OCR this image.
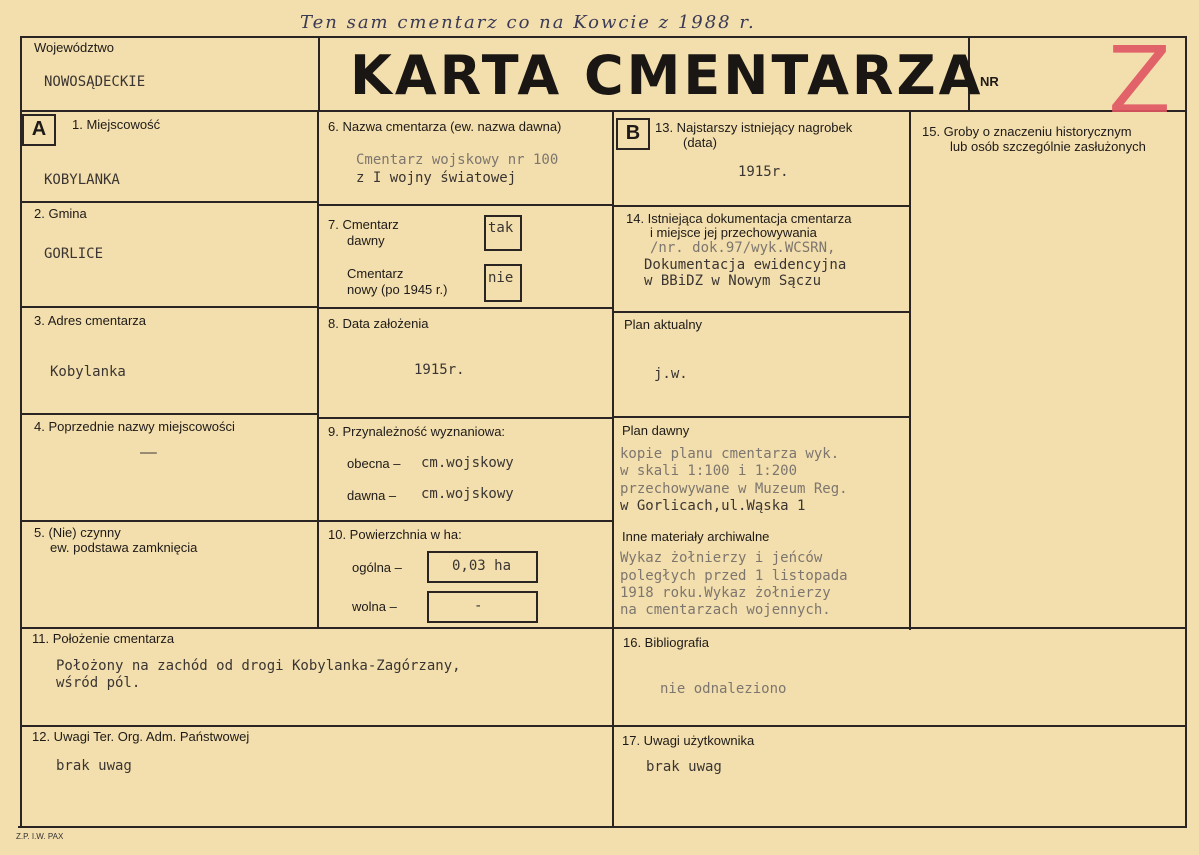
Ten sam cmentarz co na Kowcie z 1988 r.
Województwo
NOWOSĄDECKIE	KARTA CMENTARZA
NR Z
A	1. Miejscowość
KOBYLANKA
2. Gmina
GORLICE
3. Adres cmentarza
Kobylanka
4. Poprzednie nazwy miejscowości
——
5. (Nie) czynny
ew. podstawa zamknięcia
6. Nazwa cmentarza (ew. nazwa dawna)
Cmentarz wojskowy nr 100
z I wojny światowej
7. Cmentarz
dawny
tak
Cmentarz
nowy (po 1945 r.)
nie
8. Data założenia
1915r.
9. Przynależność wyznaniowa:
obecna – cm.wojskowy
dawna – cm.wojskowy
10. Powierzchnia w ha:
ogólna –	0,03 ha
wolna –	-
B	13. Najstarszy istniejący nagrobek
(data)
1915r.
14. Istniejąca dokumentacja cmentarza
i miejsce jej przechowywania
/nr. dok.97/wyk.WCSRN,
Dokumentacja ewidencyjna
w BBiDZ w Nowym Sączu
Plan aktualny
j.w.
Plan dawny
kopie planu cmentarza wyk.
w skali 1:100 i 1:200
przechowywane w Muzeum Reg.
w Gorlicach,ul.Wąska 1
Inne materiały archiwalne
Wykaz żołnierzy i jeńców
poległych przed 1 listopada
1918 roku.Wykaz żołnierzy
na cmentarzach wojennych.
15. Groby o znaczeniu historycznym
lub osób szczególnie zasłużonych
11. Położenie cmentarza
Położony na zachód od drogi Kobylanka-Zagórzany,
wśród pól.
16. Bibliografia
nie odnaleziono
12. Uwagi Ter. Org. Adm. Państwowej
brak uwag
17. Uwagi użytkownika
brak uwag
Z.P. I.W. PAX
